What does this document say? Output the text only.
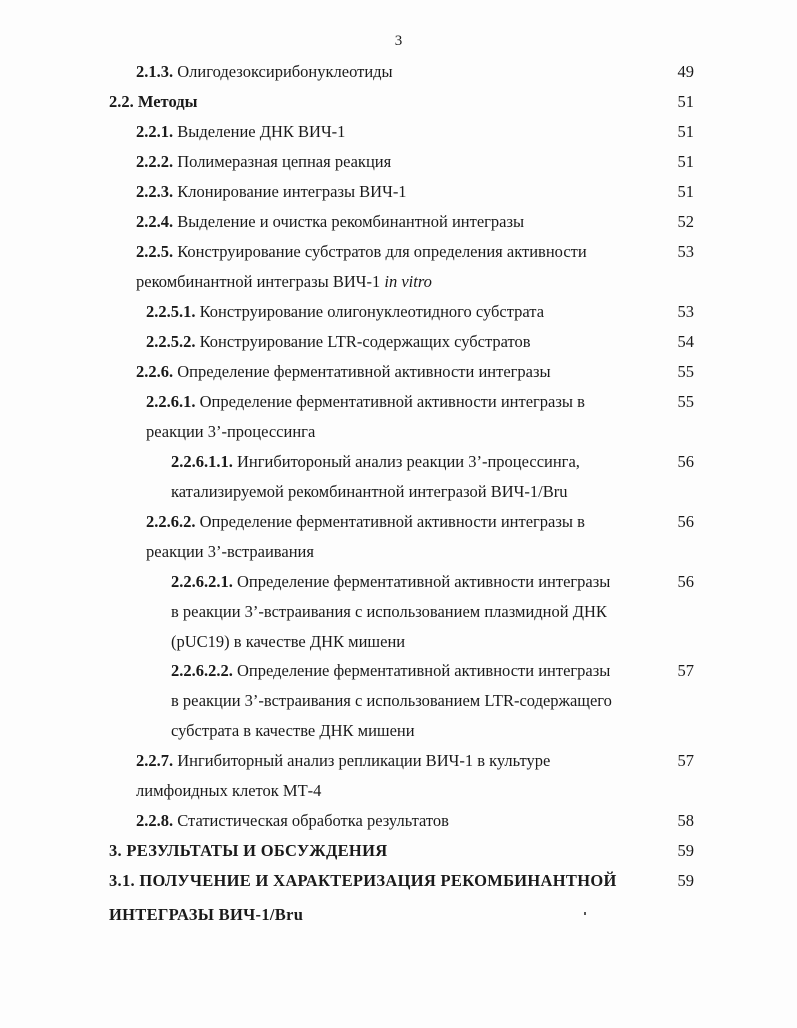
3
2.1.3. Олигодезоксирибонуклеотиды	49
2.2. Методы	51
2.2.1. Выделение ДНК ВИЧ-1	51
2.2.2. Полимеразная цепная реакция	51
2.2.3. Клонирование интегразы ВИЧ-1	51
2.2.4. Выделение и очистка рекомбинантной интегразы	52
2.2.5. Конструирование субстратов для определения активности
рекомбинантной интегразы ВИЧ-1 in vitro
53
2.2.5.1. Конструирование олигонуклеотидного субстрата	53
2.2.5.2. Конструирование LTR-содержащих субстратов	54
2.2.6. Определение ферментативной активности интегразы	55
2.2.6.1. Определение ферментативной активности интегразы в
реакции 3’-процессинга
55
2.2.6.1.1. Ингибитороный анализ реакции 3’-процессинга,
катализируемой рекомбинантной интегразой ВИЧ-1/Bru
56
2.2.6.2. Определение ферментативной активности интегразы в
реакции 3’-встраивания
56
2.2.6.2.1. Определение ферментативной активности интегразы
в реакции 3’-встраивания с использованием плазмидной ДНК
(pUC19) в качестве ДНК мишени
56
2.2.6.2.2. Определение ферментативной активности интегразы
в реакции 3’-встраивания с использованием LTR-содержащего
субстрата в качестве ДНК мишени
57
2.2.7. Ингибиторный анализ репликации ВИЧ-1 в культуре
лимфоидных клеток МТ-4
57
2.2.8. Статистическая обработка результатов	58
3. РЕЗУЛЬТАТЫ И ОБСУЖДЕНИЯ	59
3.1. ПОЛУЧЕНИЕ И ХАРАКТЕРИЗАЦИЯ РЕКОМБИНАНТНОЙ
ИНТЕГРАЗЫ ВИЧ-1/Bru
59
